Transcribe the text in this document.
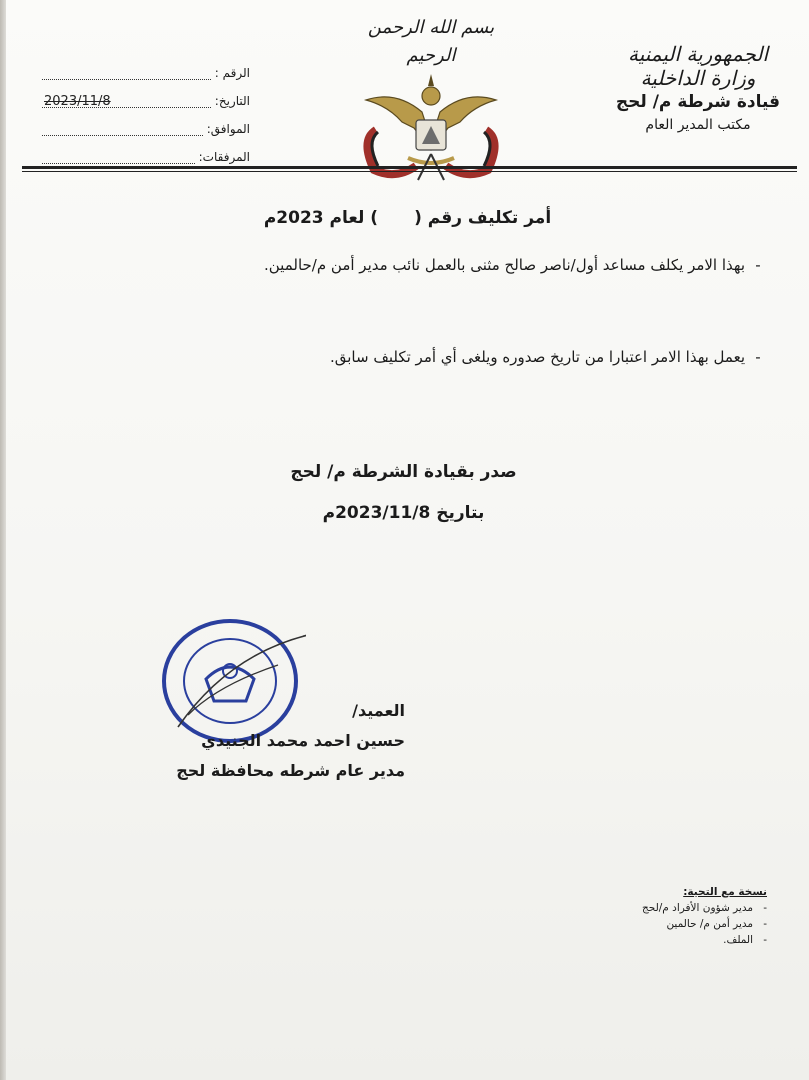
الجمهورية اليمنية
وزارة الداخلية
قيادة شرطة م/ لحج
مكتب المدير العام
بسم الله الرحمن الرحيم
الرقم :
التاريخ:
2023/11/8
الموافق:
المرفقات:
أمر تكليف رقم () لعام 2023م
-
بهذا الامر يكلف مساعد أول/ناصر صالح مثنى بالعمل نائب مدير أمن م/حالمين.
-
يعمل بهذا الامر اعتبارا من تاريخ صدوره ويلغى أي أمر تكليف سابق.
صدر بقيادة الشرطة م/ لحج
بتاريخ 2023/11/8م
العميد/
حسين احمد محمد الجنيدي
مدير عام شرطه محافظة لحج
نسخة مع التحية:
-
مدير شؤون الأفراد م/لحج
-
مدير أمن م/ حالمين
-
الملف.
